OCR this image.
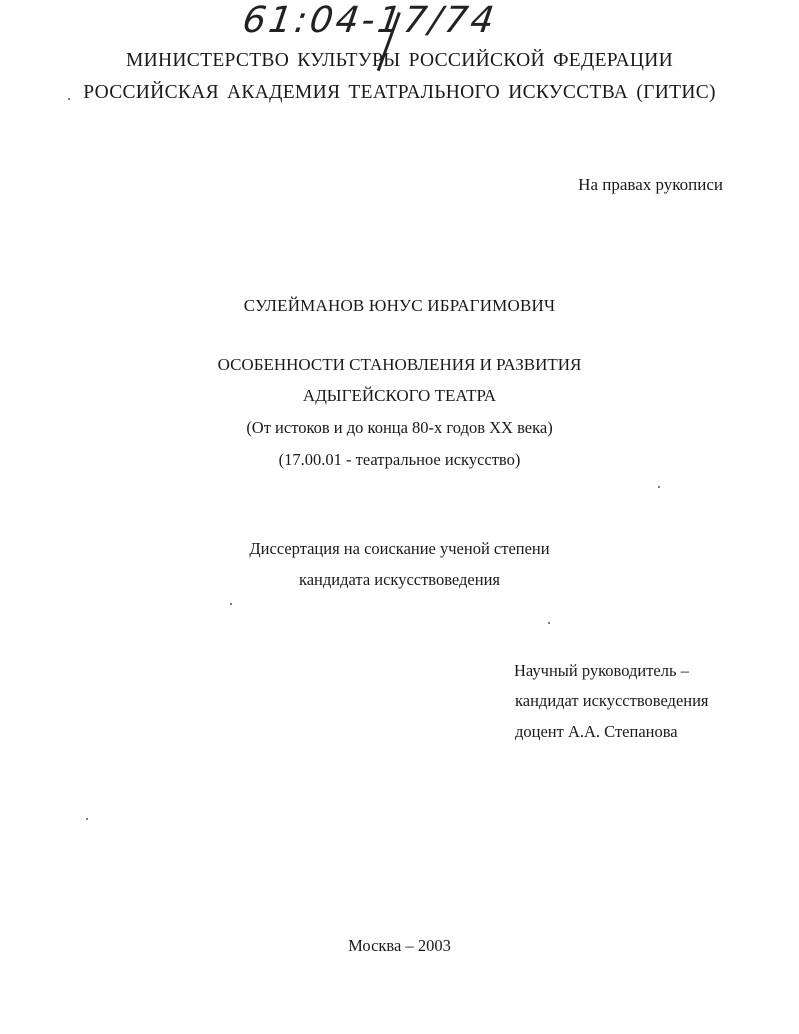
61:04-17/74
МИНИСТЕРСТВО КУЛЬТУРЫ РОССИЙСКОЙ ФЕДЕРАЦИИ
РОССИЙСКАЯ АКАДЕМИЯ ТЕАТРАЛЬНОГО ИСКУССТВА (ГИТИС)
На правах рукописи
СУЛЕЙМАНОВ ЮНУС ИБРАГИМОВИЧ
ОСОБЕННОСТИ СТАНОВЛЕНИЯ И РАЗВИТИЯ
АДЫГЕЙСКОГО ТЕАТРА
(От истоков и до конца 80-х годов XX века)
(17.00.01 - театральное искусство)
Диссертация на соискание ученой степени
кандидата искусствоведения
Научный руководитель –
кандидат искусствоведения
доцент А.А. Степанова
Москва – 2003
